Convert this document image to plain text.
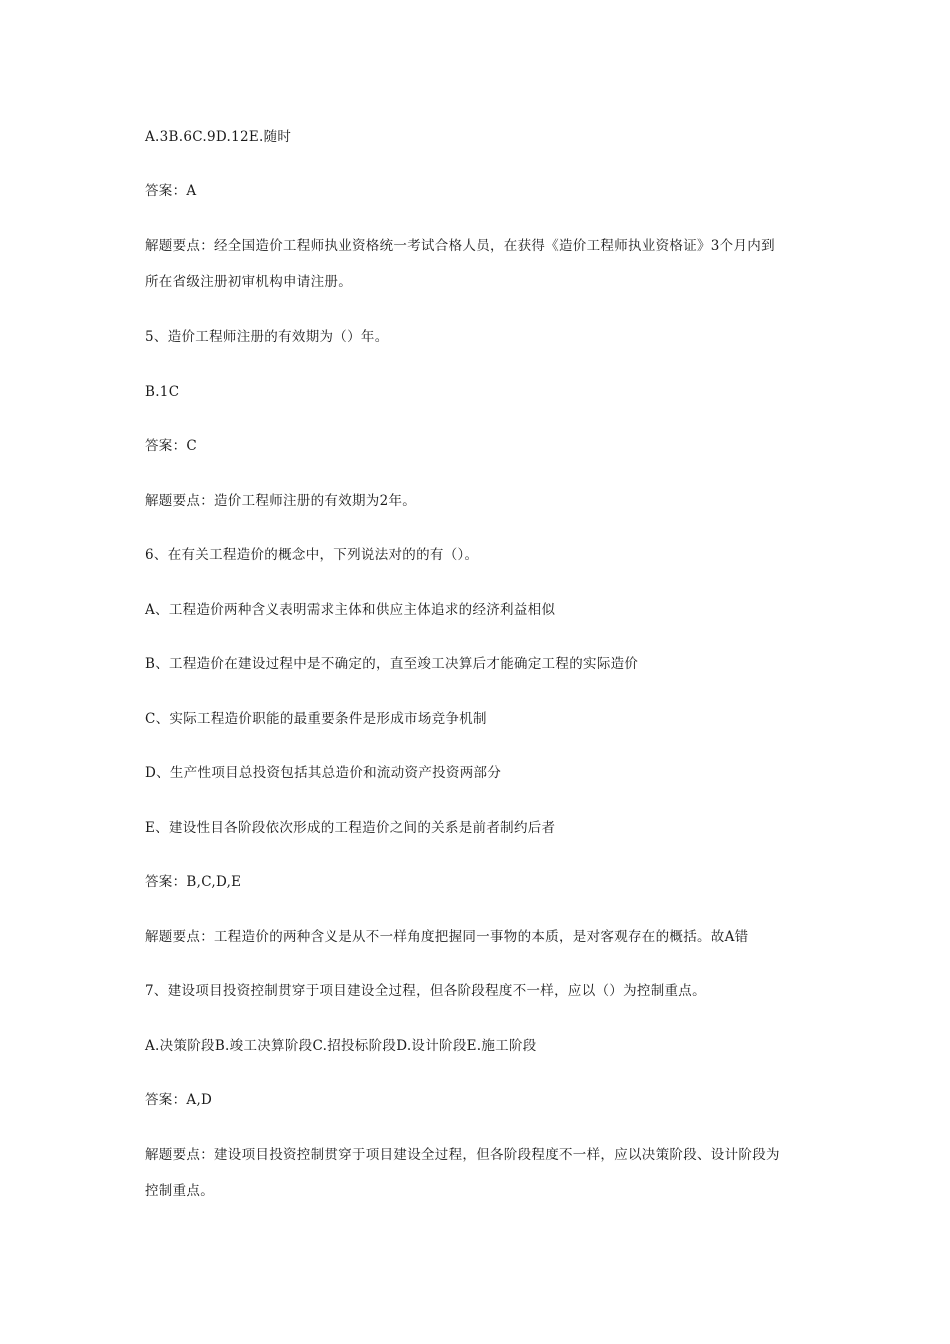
A.3B.6C.9D.12E.随时
答案：A
解题要点：经全国造价工程师执业资格统一考试合格人员，在获得《造价工程师执业资格证》3个月内到
所在省级注册初审机构申请注册。
5、造价工程师注册的有效期为（）年。
B.1C
答案：C
解题要点：造价工程师注册的有效期为2年。
6、在有关工程造价的概念中，下列说法对的的有（）。
A、工程造价两种含义表明需求主体和供应主体追求的经济利益相似
B、工程造价在建设过程中是不确定的，直至竣工决算后才能确定工程的实际造价
C、实际工程造价职能的最重要条件是形成市场竞争机制
D、生产性项目总投资包括其总造价和流动资产投资两部分
E、建设性目各阶段依次形成的工程造价之间的关系是前者制约后者
答案：B,C,D,E
解题要点：工程造价的两种含义是从不一样角度把握同一事物的本质，是对客观存在的概括。故A错
7、建设项目投资控制贯穿于项目建设全过程，但各阶段程度不一样，应以（）为控制重点。
A.决策阶段B.竣工决算阶段C.招投标阶段D.设计阶段E.施工阶段
答案：A,D
解题要点：建设项目投资控制贯穿于项目建设全过程，但各阶段程度不一样，应以决策阶段、设计阶段为
控制重点。
